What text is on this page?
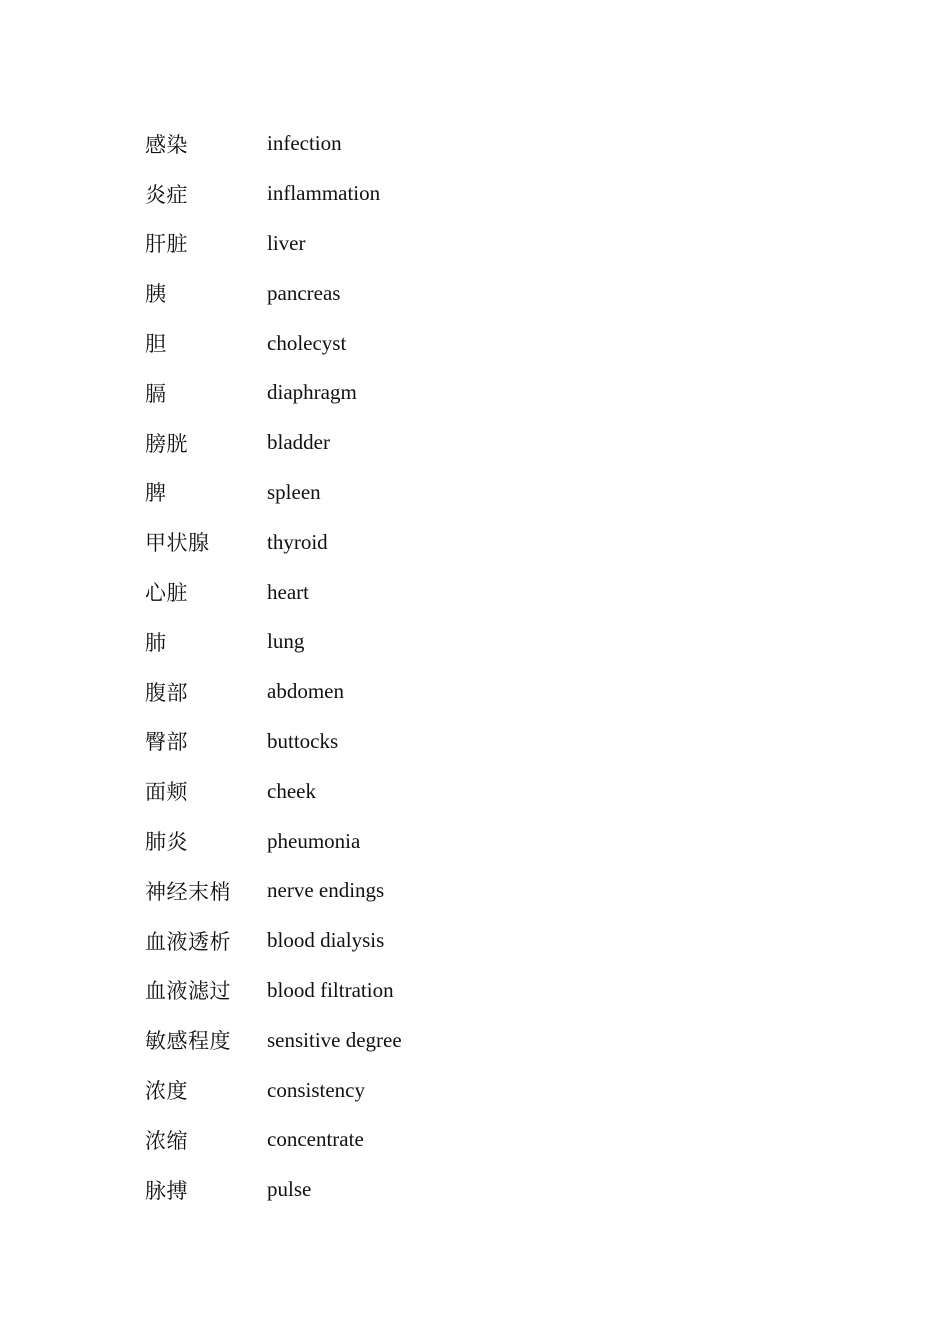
感染	infection
炎症	inflammation
肝脏	liver
胰	pancreas
胆	cholecyst
膈	diaphragm
膀胱	bladder
脾	spleen
甲状腺	thyroid
心脏	heart
肺	lung
腹部	abdomen
臀部	buttocks
面颊	cheek
肺炎	pheumonia
神经末梢	nerve endings
血液透析	blood dialysis
血液滤过	blood filtration
敏感程度	sensitive degree
浓度	consistency
浓缩	concentrate
脉搏	pulse
